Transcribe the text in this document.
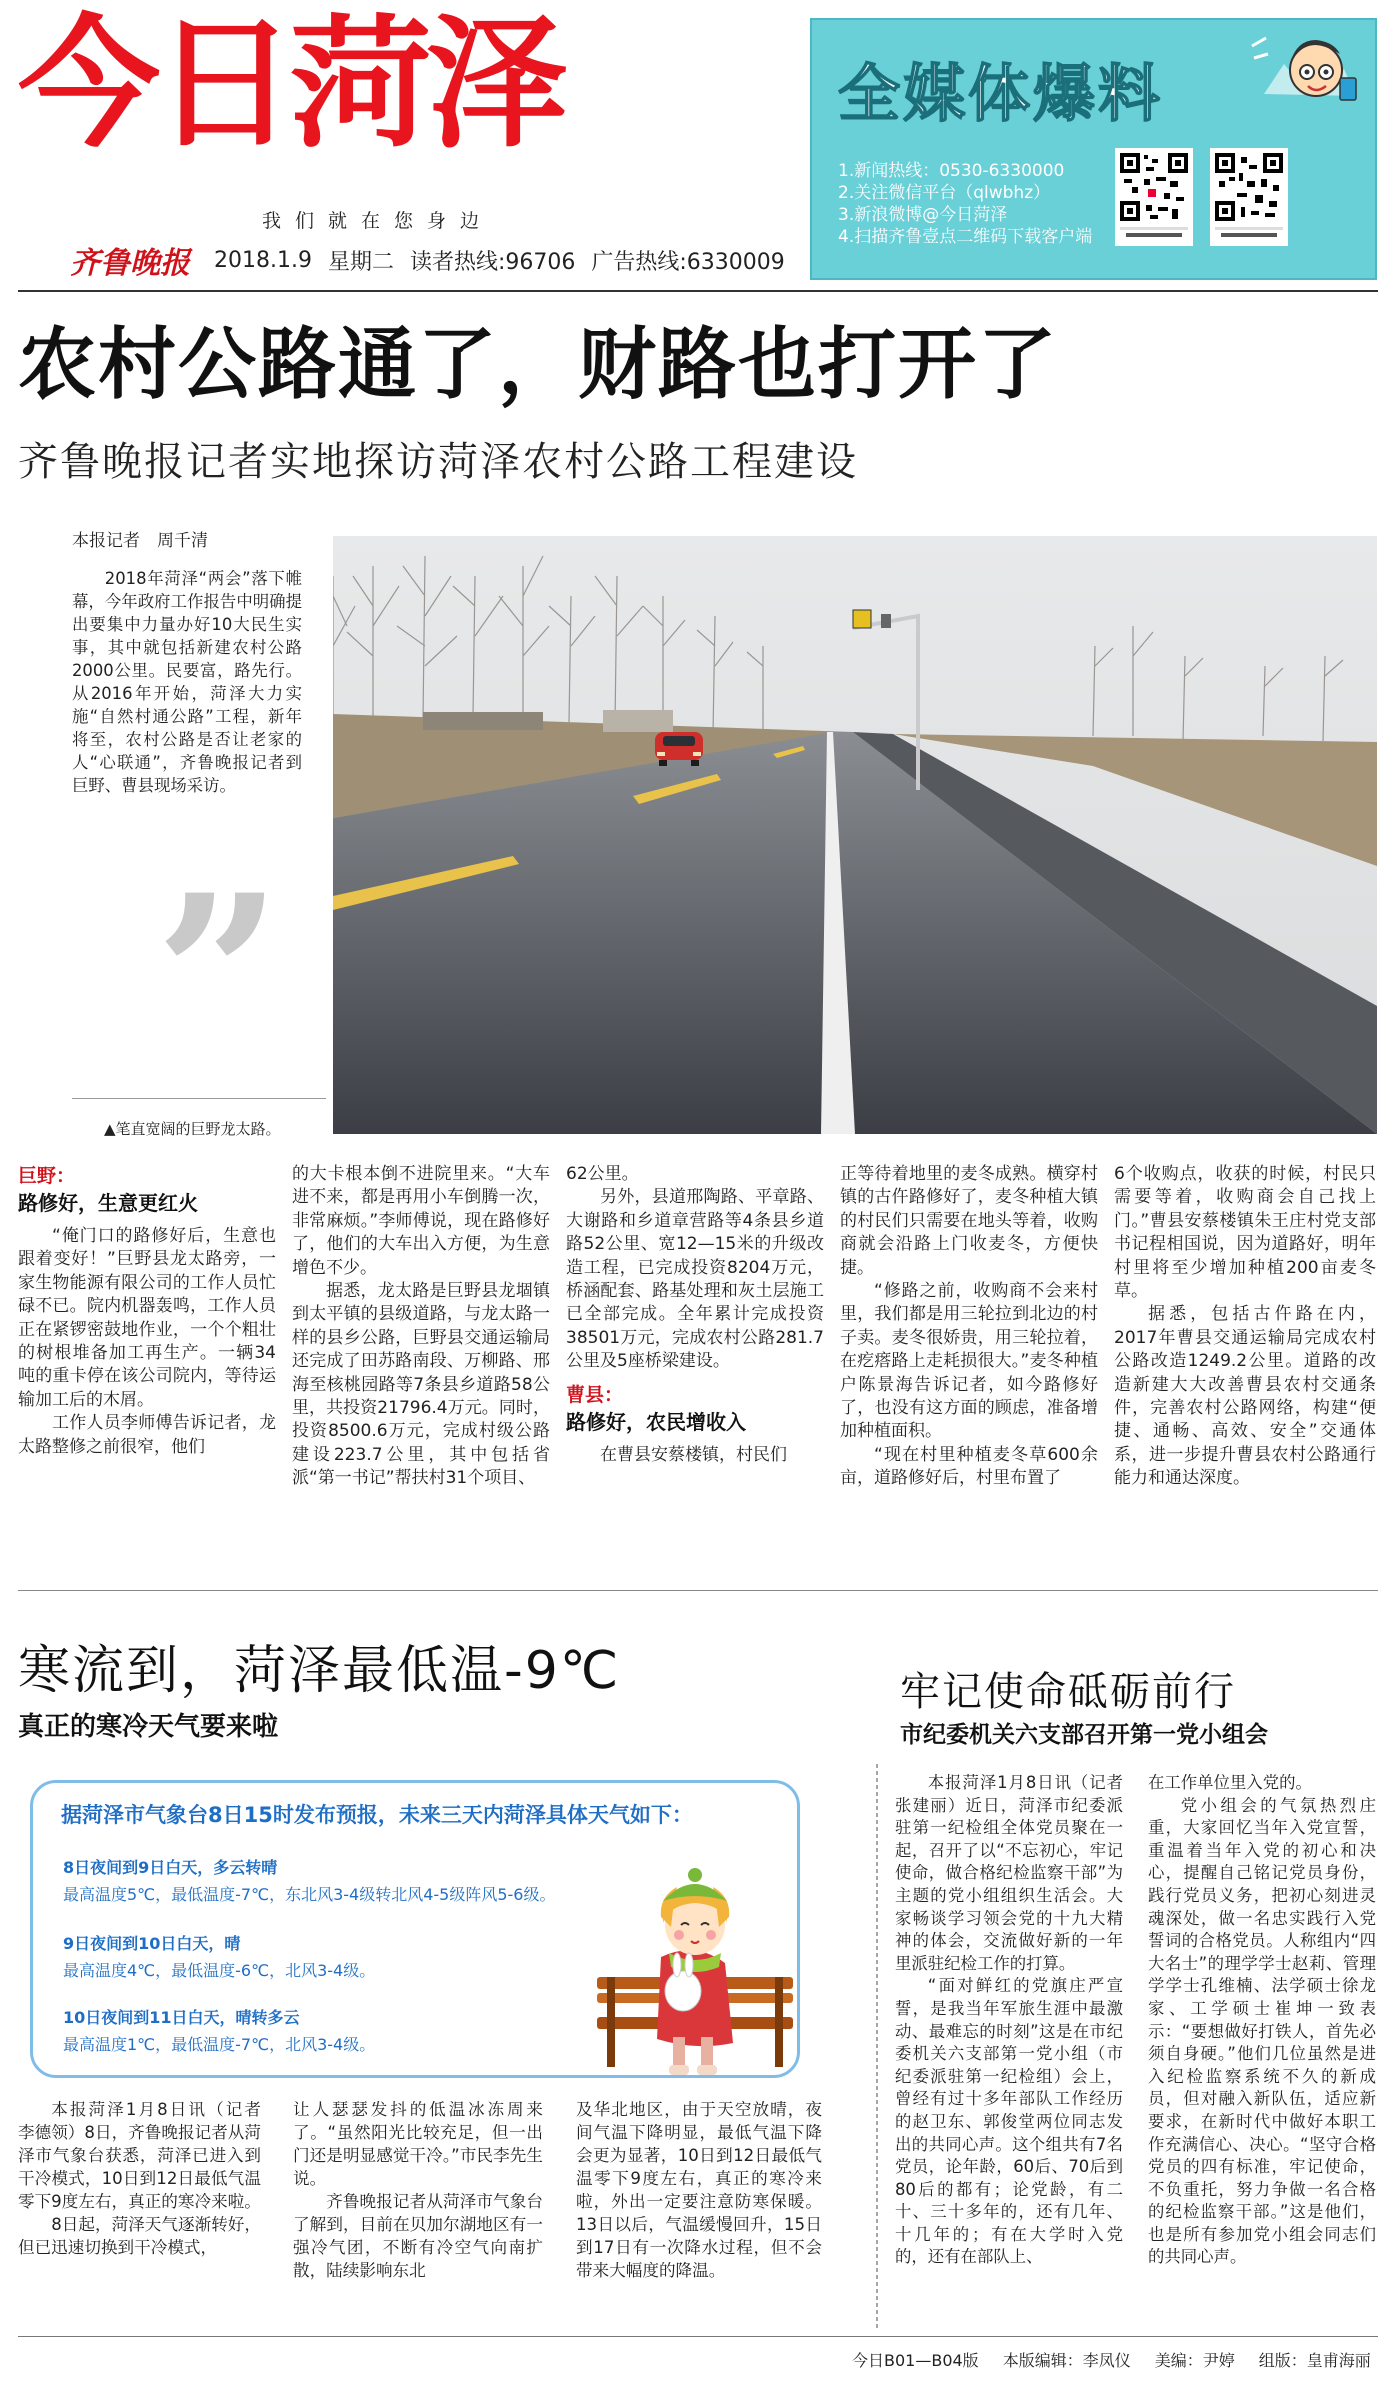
今日菏泽
我们就在您身边
齐鲁晚报 2018.1.9 星期二 读者热线:96706 广告热线:6330009
全媒体爆料
1.新闻热线：0530-6330000
2.关注微信平台（qlwbhz）
3.新浪微博@今日菏泽
4.扫描齐鲁壹点二维码下载客户端
农村公路通了，财路也打开了
齐鲁晚报记者实地探访菏泽农村公路工程建设
本报记者　周千清
2018年菏泽“两会”落下帷幕，今年政府工作报告中明确提出要集中力量办好10大民生实事，其中就包括新建农村公路2000公里。民要富，路先行。从2016年开始，菏泽大力实施“自然村通公路”工程，新年将至，农村公路是否让老家的人“心联通”，齐鲁晚报记者到巨野、曹县现场采访。
”
▲笔直宽阔的巨野龙太路。
巨野：
路修好，生意更红火

“俺门口的路修好后，生意也跟着变好！”巨野县龙太路旁，一家生物能源有限公司的工作人员忙碌不已。院内机器轰鸣，工作人员正在紧锣密鼓地作业，一个个粗壮的树根堆备加工再生产。一辆34吨的重卡停在该公司院内，等待运输加工后的木屑。

工作人员李师傅告诉记者，龙太路整修之前很窄，他们

的大卡根本倒不进院里来。“大车进不来，都是再用小车倒腾一次，非常麻烦。”李师傅说，现在路修好了，他们的大车出入方便，为生意增色不少。

据悉，龙太路是巨野县龙堌镇到太平镇的县级道路，与龙太路一样的县乡公路，巨野县交通运输局还完成了田苏路南段、万柳路、邢海至核桃园路等7条县乡道路58公里，共投资21796.4万元。同时，投资8500.6万元，完成村级公路建设223.7公里，其中包括省派“第一书记”帮扶村31个项目、

62公里。

另外，县道邢陶路、平章路、大谢路和乡道章营路等4条县乡道路52公里、宽12—15米的升级改造工程，已完成投资8204万元，桥涵配套、路基处理和灰土层施工已全部完成。全年累计完成投资38501万元，完成农村公路281.7公里及5座桥梁建设。

曹县：
路修好，农民增收入

在曹县安蔡楼镇，村民们

正等待着地里的麦冬成熟。横穿村镇的古仵路修好了，麦冬种植大镇的村民们只需要在地头等着，收购商就会沿路上门收麦冬，方便快捷。

“修路之前，收购商不会来村里，我们都是用三轮拉到北边的村子卖。麦冬很娇贵，用三轮拉着，在疙瘩路上走耗损很大。”麦冬种植户陈景海告诉记者，如今路修好了，也没有这方面的顾虑，准备增加种植面积。

“现在村里种植麦冬草600余亩，道路修好后，村里布置了

6个收购点，收获的时候，村民只需要等着，收购商会自己找上门。”曹县安蔡楼镇朱王庄村党支部书记程相国说，因为道路好，明年村里将至少增加种植200亩麦冬草。

据悉，包括古仵路在内，2017年曹县交通运输局完成农村公路改造1249.2公里。道路的改造新建大大改善曹县农村交通条件，完善农村公路网络，构建“便捷、通畅、高效、安全”交通体系，进一步提升曹县农村公路通行能力和通达深度。

寒流到，菏泽最低温-9℃
真正的寒冷天气要来啦
据菏泽市气象台8日15时发布预报，未来三天内菏泽具体天气如下：
8日夜间到9日白天，多云转晴
最高温度5℃，最低温度-7℃，东北风3-4级转北风4-5级阵风5-6级。
9日夜间到10日白天，晴
最高温度4℃，最低温度-6℃，北风3-4级。
10日夜间到11日白天，晴转多云
最高温度1℃，最低温度-7℃，北风3-4级。

本报菏泽1月8日讯（记者　李德领）8日，齐鲁晚报记者从菏泽市气象台获悉，菏泽已进入到干冷模式，10日到12日最低气温零下9度左右，真正的寒冷来啦。

8日起，菏泽天气逐渐转好，但已迅速切换到干冷模式，

让人瑟瑟发抖的低温冰冻周来了。“虽然阳光比较充足，但一出门还是明显感觉干冷。”市民李先生说。

齐鲁晚报记者从菏泽市气象台了解到，目前在贝加尔湖地区有一强冷气团，不断有冷空气向南扩散，陆续影响东北

及华北地区，由于天空放晴，夜间气温下降明显，最低气温下降会更为显著，10日到12日最低气温零下9度左右，真正的寒冷来啦，外出一定要注意防寒保暖。13日以后，气温缓慢回升，15日到17日有一次降水过程，但不会带来大幅度的降温。

牢记使命砥砺前行
市纪委机关六支部召开第一党小组会

本报菏泽1月8日讯（记者　张建丽）近日，菏泽市纪委派驻第一纪检组全体党员聚在一起，召开了以“不忘初心，牢记使命，做合格纪检监察干部”为主题的党小组组织生活会。大家畅谈学习领会党的十九大精神的体会，交流做好新的一年里派驻纪检工作的打算。

“面对鲜红的党旗庄严宣誓，是我当年军旅生涯中最激动、最难忘的时刻”这是在市纪委机关六支部第一党小组（市纪委派驻第一纪检组）会上，曾经有过十多年部队工作经历的赵卫东、郭俊堂两位同志发出的共同心声。这个组共有7名党员，论年龄，60后、70后到80后的都有；论党龄，有二十、三十多年的，还有几年、十几年的；有在大学时入党的，还有在部队上、

在工作单位里入党的。

党小组会的气氛热烈庄重，大家回忆当年入党宣誓，重温着当年入党的初心和决心，提醒自己铭记党员身份，践行党员义务，把初心刻进灵魂深处，做一名忠实践行入党誓词的合格党员。人称组内“四大名士”的理学学士赵莉、管理学学士孔维楠、法学硕士徐龙家、工学硕士崔坤一致表示：“要想做好打铁人，首先必须自身硬。”他们几位虽然是进入纪检监察系统不久的新成员，但对融入新队伍，适应新要求，在新时代中做好本职工作充满信心、决心。“坚守合格党员的四有标准，牢记使命，不负重托，努力争做一名合格的纪检监察干部。”这是他们，也是所有参加党小组会同志们的共同心声。

今日B01—B04版 本版编辑：李凤仪 美编：尹婷 组版：皇甫海丽
